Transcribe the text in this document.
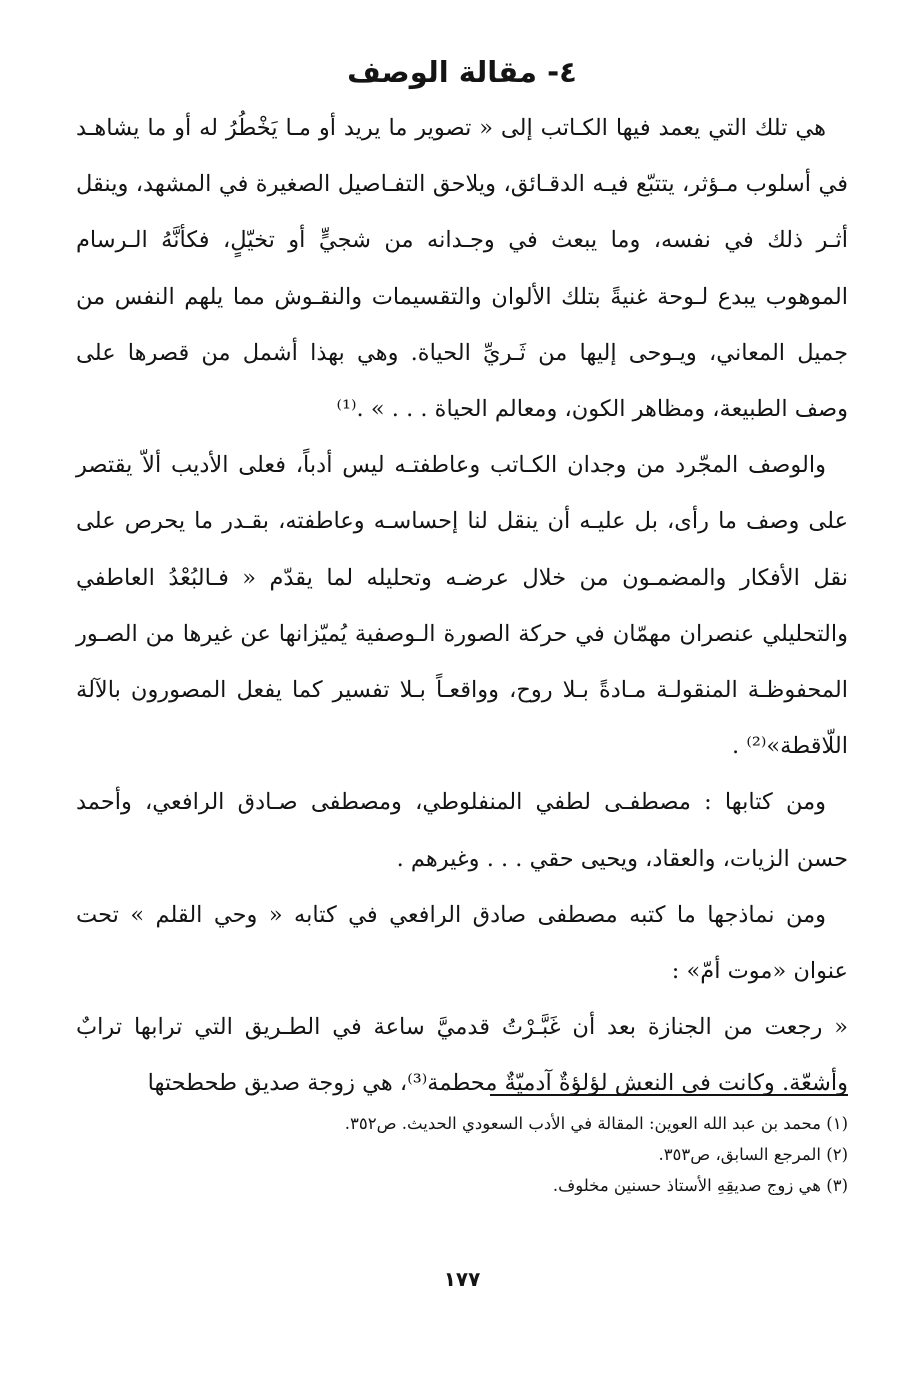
٤- مقالة الوصف

هي تلك التي يعمد فيها الكـاتب إلى « تصوير ما يريد أو مـا يَخْطُرُ له أو ما يشاهـد في أسلوب مـؤثر، يتتبّع فيـه الدقـائق، ويلاحق التفـاصيل الصغيرة في المشهد، وينقل أثـر ذلك في نفسه، وما يبعث في وجـدانه من شجيٍّ أو تخيّلٍ، فكأنَّهُ الـرسام الموهوب يبدع لـوحة غنيةً بتلك الألوان والتقسيمات والنقـوش مما يلهم النفس من جميل المعاني، ويـوحى إليها من ثَـريِّ الحياة. وهي بهذا أشمل من قصرها على وصف الطبيعة، ومظاهر الكون، ومعالم الحياة . . . » .⁽¹⁾

والوصف المجّرد من وجدان الكـاتب وعاطفتـه ليس أدباً، فعلى الأديب ألاّ يقتصر على وصف ما رأى، بل عليـه أن ينقل لنا إحساسـه وعاطفته، بقـدر ما يحرص على نقل الأفكار والمضمـون من خلال عرضـه وتحليله لما يقدّم « فـالبُعْدُ العاطفي والتحليلي عنصران مهمّان في حركة الصورة الـوصفية يُميّزانها عن غيرها من الصـور المحفوظـة المنقولـة مـادةً بـلا روح، وواقعـاً بـلا تفسير كما يفعل المصورون بالآلة اللّاقطة»⁽²⁾ .

ومن كتابها : مصطفـى لطفي المنفلوطي، ومصطفى صـادق الرافعي، وأحمد حسن الزيات، والعقاد، ويحيى حقي . . . وغيرهم .

ومن نماذجها ما كتبه مصطفى صادق الرافعي في كتابه « وحي القلم » تحت عنوان «موت أمّ» :

« رجعت من الجنازة بعد أن غَبَّـرْتُ قدميَّ ساعة في الطـريق التي ترابها ترابٌ وأشعّة. وكانت في النعش لؤلؤةٌ آدميّةٌ محطمة⁽³⁾، هي زوجة صديق طحطحتها

(١) محمد بن عبد الله العوين: المقالة في الأدب السعودي الحديث. ص٣٥٢.
(٢) المرجع السابق، ص٣٥٣.
(٣) هي زوج صديقِهِ الأستاذ حسنين مخلوف.
١٧٧
